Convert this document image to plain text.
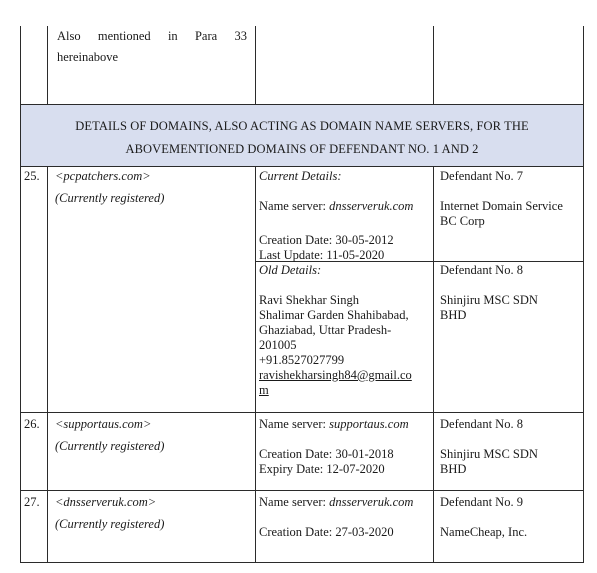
Also mentioned in Para 33
hereinabove
DETAILS OF DOMAINS, ALSO ACTING AS DOMAIN NAME SERVERS, FOR THE
ABOVEMENTIONED DOMAINS OF DEFENDANT NO. 1 AND 2
25. <pcpatchers.com>
(Currently registered)
Current Details:
Name server: dnsserveruk.com
Creation Date: 30-05-2012
Last Update: 11-05-2020
Defendant No. 7
Internet Domain Service
BC Corp
Old Details:
Ravi Shekhar Singh
Shalimar Garden Shahibabad,
Ghaziabad, Uttar Pradesh-
201005
+91.8527027799
ravishekharsingh84@gmail.co
m
Defendant No. 8
Shinjiru MSC SDN
BHD
26. <supportaus.com>
(Currently registered)
Name server: supportaus.com
Creation Date: 30-01-2018
Expiry Date: 12-07-2020
Defendant No. 8
Shinjiru MSC SDN
BHD
27. <dnsserveruk.com>
(Currently registered)
Name server: dnsserveruk.com
Creation Date: 27-03-2020
Defendant No. 9
NameCheap, Inc.
